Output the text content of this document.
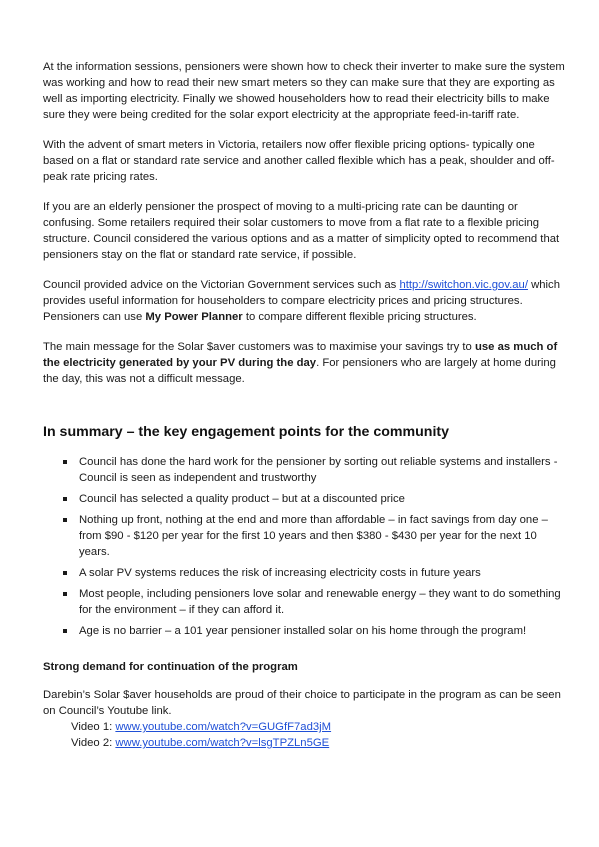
At the information sessions, pensioners were shown how to check their inverter to make sure the system was working and how to read their new smart meters so they can make sure that they are exporting as well as importing electricity. Finally we showed householders how to read their electricity bills to make sure they were being credited for the solar export electricity at the appropriate feed-in-tariff rate.

With the advent of smart meters in Victoria, retailers now offer flexible pricing options- typically one based on a flat or standard rate service and another called flexible which has a peak, shoulder and off-peak rate pricing rates.

If you are an elderly pensioner the prospect of moving to a multi-pricing rate can be daunting or confusing. Some retailers required their solar customers to move from a flat rate to a flexible pricing structure. Council considered the various options and as a matter of simplicity opted to recommend that pensioners stay on the flat or standard rate service, if possible.

Council provided advice on the Victorian Government services such as http://switchon.vic.gov.au/ which provides useful information for householders to compare electricity prices and pricing structures. Pensioners can use My Power Planner to compare different flexible pricing structures.

The main message for the Solar $aver customers was to maximise your savings try to use as much of the electricity generated by your PV during the day. For pensioners who are largely at home during the day, this was not a difficult message.

In summary – the key engagement points for the community
Council has done the hard work for the pensioner by sorting out reliable systems and installers - Council is seen as independent and trustworthy
Council has selected a quality product – but at a discounted price
Nothing up front, nothing at the end and more than affordable – in fact savings from day one – from $90 - $120 per year for the first 10 years and then $380 - $430 per year for the next 10 years.
A solar PV systems reduces the risk of increasing electricity costs in future years
Most people, including pensioners love solar and renewable energy – they want to do something for the environment – if they can afford it.
Age is no barrier – a 101 year pensioner installed solar on his home through the program!
Strong demand for continuation of the program

Darebin’s Solar $aver households are proud of their choice to participate in the program as can be seen on Council’s Youtube link.

Video 1: www.youtube.com/watch?v=GUGfF7ad3jM

Video 2: www.youtube.com/watch?v=lsgTPZLn5GE
